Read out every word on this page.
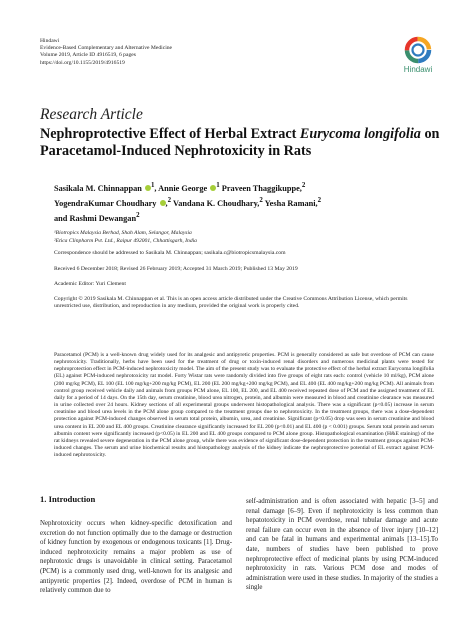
Hindawi
Evidence-Based Complementary and Alternative Medicine
Volume 2019, Article ID 4916519, 6 pages
https://doi.org/10.1155/2019/4916519
Hindawi
Research Article
Nephroprotective Effect of Herbal Extract Eurycoma longifolia on Paracetamol-Induced Nephrotoxicity in Rats
Sasikala M. Chinnappan $^1$, Annie George $^1$ Praveen Thaggikuppe,$^2$
YogendraKumar Choudhary ,$^2$ Vandana K. Choudhary,$^2$ Yesha Ramani,$^2$
and Rashmi Dewangan$^2$
¹Biotropics Malaysia Berhad, Shah Alam, Selangor, Malaysia
²Etica Clinpharm Pvt. Ltd., Raipur 492001, Chhattisgarh, India
Correspondence should be addressed to Sasikala M. Chinnappan; sasikala.c@biotropicsmalaysia.com
Received 6 December 2018; Revised 26 February 2019; Accepted 31 March 2019; Published 13 May 2019
Academic Editor: Yuri Clement
Copyright © 2019 Sasikala M. Chinnappan et al. This is an open access article distributed under the Creative Commons Attribution License, which permits unrestricted use, distribution, and reproduction in any medium, provided the original work is properly cited.
Paracetamol (PCM) is a well-known drug widely used for its analgesic and antipyretic properties. PCM is generally considered as safe but overdose of PCM can cause nephrotoxicity. Traditionally, herbs have been used for the treatment of drug or toxin-induced renal disorders and numerous medicinal plants were tested for nephroprotection effect in PCM-induced nephrotoxicity model. The aim of the present study was to evaluate the protective effect of the herbal extract Eurycoma longifolia (EL) against PCM-induced nephrotoxicity rat model. Forty Wistar rats were randomly divided into five groups of eight rats each: control (vehicle 10 ml/kg), PCM alone (200 mg/kg PCM), EL 100 (EL 100 mg/kg+200 mg/kg PCM), EL 200 (EL 200 mg/kg+200 mg/kg PCM), and EL 400 (EL 400 mg/kg+200 mg/kg PCM). All animals from control group received vehicle daily and animals from groups PCM alone, EL 100, EL 200, and EL 400 received repeated dose of PCM and the assigned treatment of EL daily for a period of 14 days. On the 15th day, serum creatinine, blood urea nitrogen, protein, and albumin were measured in blood and creatinine clearance was measured in urine collected over 24 hours. Kidney sections of all experimental groups underwent histopathological analysis. There was a significant (p<0.05) increase in serum creatinine and blood urea levels in the PCM alone group compared to the treatment groups due to nephrotoxicity. In the treatment groups, there was a dose-dependent protection against PCM-induced changes observed in serum total protein, albumin, urea, and creatinine. Significant (p<0.05) drop was seen in serum creatinine and blood urea content in EL 200 and EL 400 groups. Creatinine clearance significantly increased for EL 200 (p<0.01) and EL 400 (p < 0.001) groups. Serum total protein and serum albumin content were significantly increased (p<0.05) in EL 200 and EL 400 groups compared to PCM alone group. Histopathological examination (H&E staining) of the rat kidneys revealed severe degeneration in the PCM alone group, while there was evidence of significant dose-dependent protection in the treatment groups against PCM-induced changes. The serum and urine biochemical results and histopathology analysis of the kidney indicate the nephroprotective potential of EL extract against PCM-induced nephrotoxicity.
1. Introduction
Nephrotoxicity occurs when kidney-specific detoxification and excretion do not function optimally due to the damage or destruction of kidney function by exogenous or endogenous toxicants [1]. Drug-induced nephrotoxicity remains a major problem as use of nephrotoxic drugs is unavoidable in clinical setting. Paracetamol (PCM) is a commonly used drug, well-known for its analgesic and antipyretic properties [2]. Indeed, overdose of PCM in human is relatively common due to
self-administration and is often associated with hepatic [3–5] and renal damage [6–9]. Even if nephrotoxicity is less common than hepatotoxicity in PCM overdose, renal tubular damage and acute renal failure can occur even in the absence of liver injury [10–12] and can be fatal in humans and experimental animals [13–15].To date, numbers of studies have been published to prove nephroprotective effect of medicinal plants by using PCM-induced nephrotoxicity in rats. Various PCM dose and modes of administration were used in these studies. In majority of the studies a single
